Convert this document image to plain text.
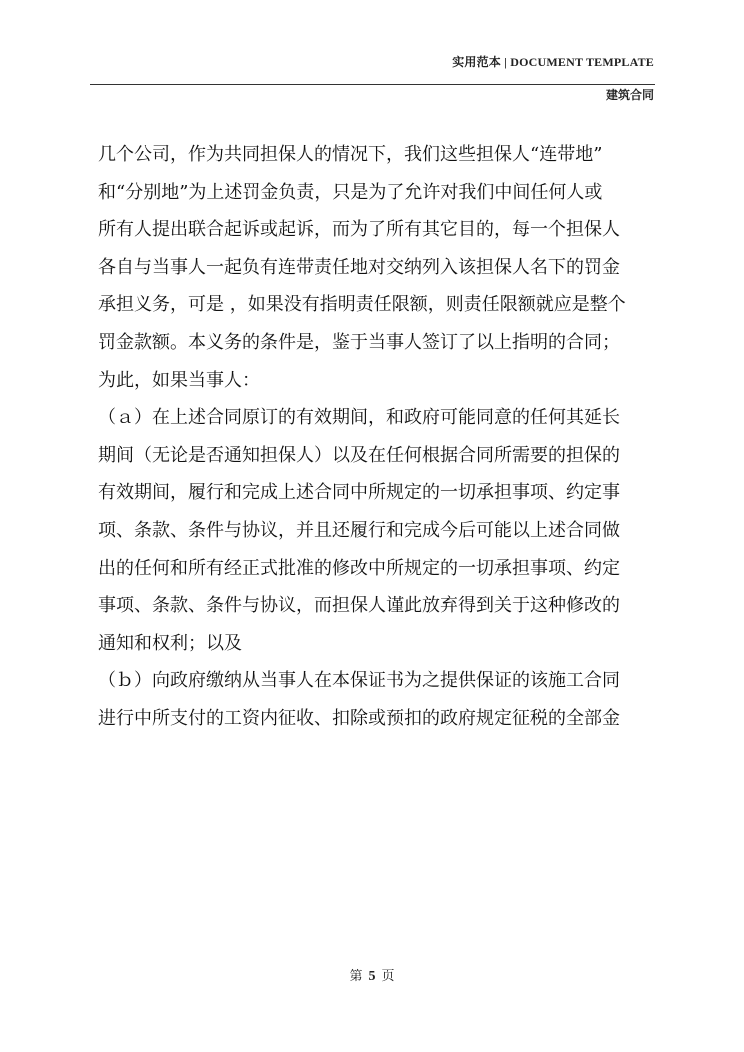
实用范本 | DOCUMENT TEMPLATE
建筑合同
几个公司，作为共同担保人的情况下，我们这些担保人“连带地”
和“分别地”为上述罚金负责，只是为了允许对我们中间任何人或
所有人提出联合起诉或起诉，而为了所有其它目的，每一个担保人
各自与当事人一起负有连带责任地对交纳列入该担保人名下的罚金
承担义务，可是 ，如果没有指明责任限额，则责任限额就应是整个
罚金款额。本义务的条件是，鉴于当事人签订了以上指明的合同；
为此，如果当事人：
（ａ）在上述合同原订的有效期间，和政府可能同意的任何其延长
期间（无论是否通知担保人）以及在任何根据合同所需要的担保的
有效期间，履行和完成上述合同中所规定的一切承担事项、约定事
项、条款、条件与协议，并且还履行和完成今后可能以上述合同做
出的任何和所有经正式批准的修改中所规定的一切承担事项、约定
事项、条款、条件与协议，而担保人谨此放弃得到关于这种修改的
通知和权利；以及
（ｂ）向政府缴纳从当事人在本保证书为之提供保证的该施工合同
进行中所支付的工资内征收、扣除或预扣的政府规定征税的全部金
第 5 页
